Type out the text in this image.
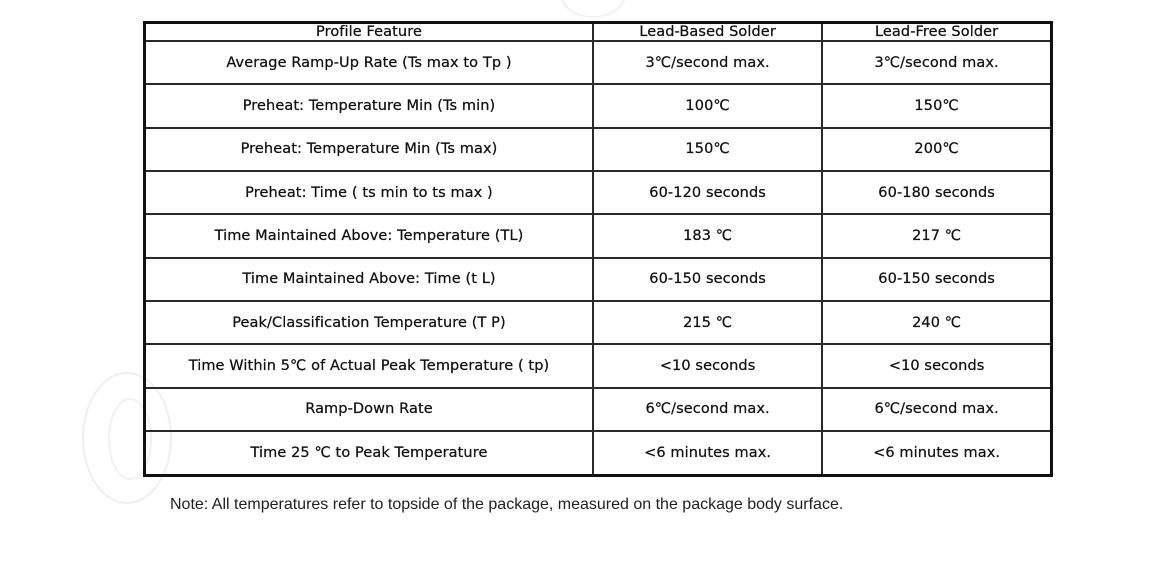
Profile Feature	Lead-Based Solder	Lead-Free Solder
Average Ramp-Up Rate (Ts max to Tp )	3℃/second max.	3℃/second max.
Preheat: Temperature Min (Ts min)	100℃	150℃
Preheat: Temperature Min (Ts max)	150℃	200℃
Preheat: Time ( ts min to ts max )	60-120 seconds	60-180 seconds
Time Maintained Above: Temperature (TL)	183 ℃	217 ℃
Time Maintained Above: Time (t L)	60-150 seconds	60-150 seconds
Peak/Classification Temperature (T P)	215 ℃	240 ℃
Time Within 5℃ of Actual Peak Temperature ( tp)	<10 seconds	<10 seconds
Ramp-Down Rate	6℃/second max.	6℃/second max.
Time 25 ℃ to Peak Temperature	<6 minutes max.	<6 minutes max.
Note: All temperatures refer to topside of the package, measured on the package body surface.
